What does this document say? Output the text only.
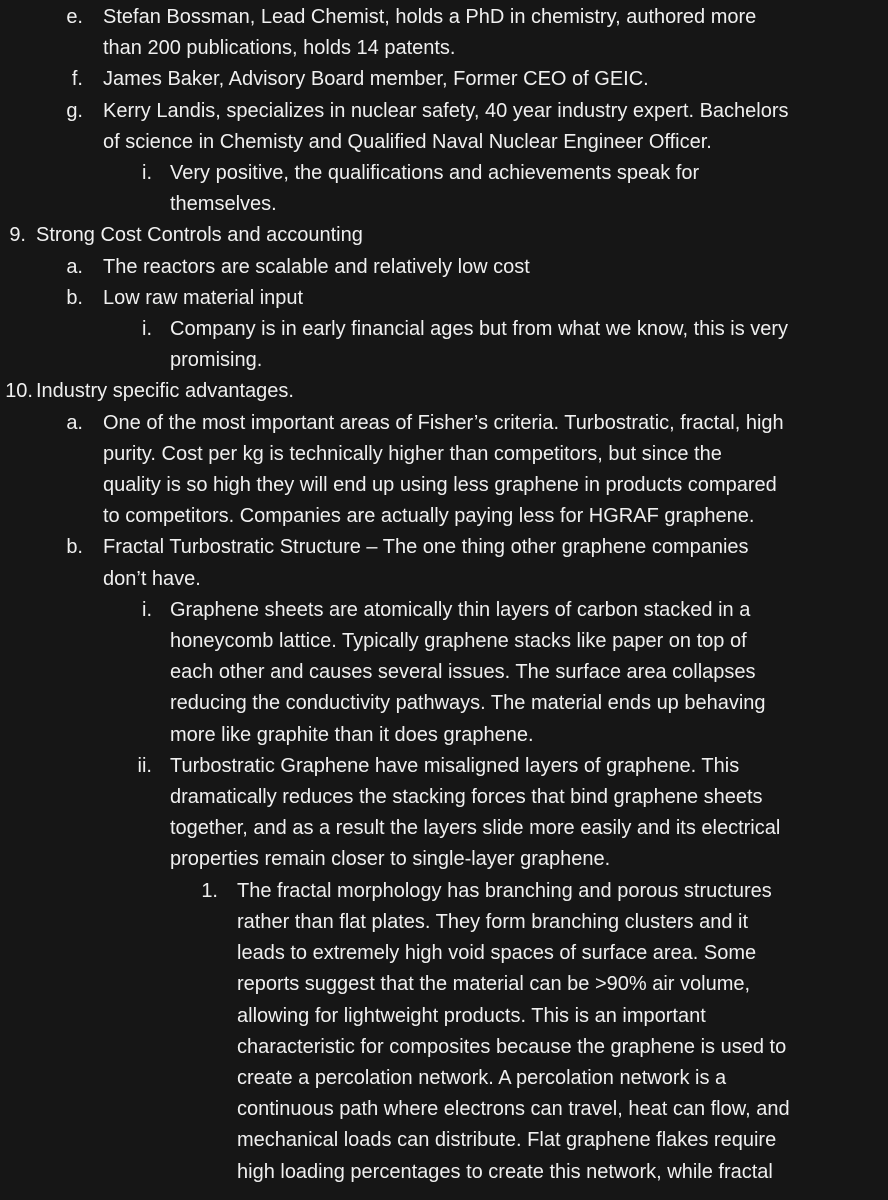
e. Stefan Bossman, Lead Chemist, holds a PhD in chemistry, authored more
than 200 publications, holds 14 patents.
f. James Baker, Advisory Board member, Former CEO of GEIC.
g. Kerry Landis, specializes in nuclear safety, 40 year industry expert. Bachelors
of science in Chemisty and Qualified Naval Nuclear Engineer Officer.
i. Very positive, the qualifications and achievements speak for
themselves.
9. Strong Cost Controls and accounting
a. The reactors are scalable and relatively low cost
b. Low raw material input
i. Company is in early financial ages but from what we know, this is very
promising.
10. Industry specific advantages.
a. One of the most important areas of Fisher’s criteria. Turbostratic, fractal, high
purity. Cost per kg is technically higher than competitors, but since the
quality is so high they will end up using less graphene in products compared
to competitors. Companies are actually paying less for HGRAF graphene.
b. Fractal Turbostratic Structure – The one thing other graphene companies
don’t have.
i. Graphene sheets are atomically thin layers of carbon stacked in a
honeycomb lattice. Typically graphene stacks like paper on top of
each other and causes several issues. The surface area collapses
reducing the conductivity pathways. The material ends up behaving
more like graphite than it does graphene.
ii. Turbostratic Graphene have misaligned layers of graphene. This
dramatically reduces the stacking forces that bind graphene sheets
together, and as a result the layers slide more easily and its electrical
properties remain closer to single-layer graphene.
1. The fractal morphology has branching and porous structures
rather than flat plates. They form branching clusters and it
leads to extremely high void spaces of surface area. Some
reports suggest that the material can be >90% air volume,
allowing for lightweight products. This is an important
characteristic for composites because the graphene is used to
create a percolation network. A percolation network is a
continuous path where electrons can travel, heat can flow, and
mechanical loads can distribute. Flat graphene flakes require
high loading percentages to create this network, while fractal
